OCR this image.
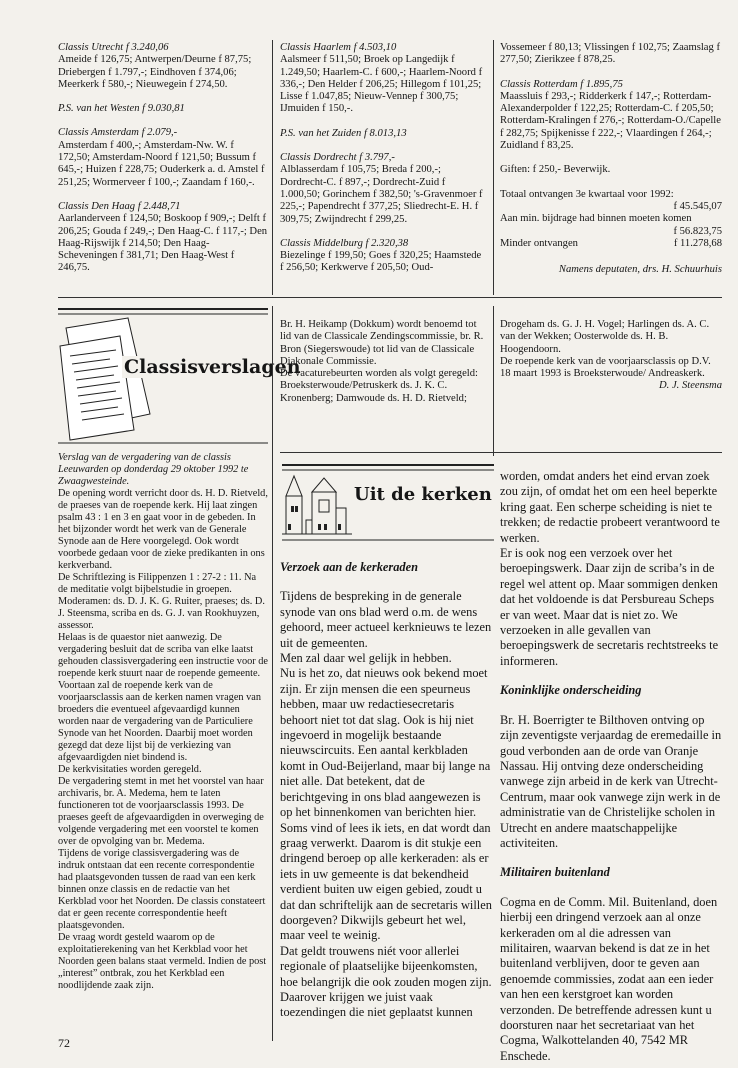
Classis Utrecht f 3.240,06

Ameide f 126,75; Antwerpen/Deurne f 87,75; Driebergen f 1.797,-; Eindhoven f 374,06; Meerkerk f 580,-; Nieuwegein f 274,50.

P.S. van het Westen f 9.030,81

Classis Amsterdam f 2.079,-

Amsterdam f 400,-; Amsterdam-Nw. W. f 172,50; Amsterdam-Noord f 121,50; Bussum f 645,-; Huizen f 228,75; Ouderkerk a. d. Amstel f 251,25; Wormerveer f 100,-; Zaandam f 160,-.

Classis Den Haag f 2.448,71

Aarlanderveen f 124,50; Boskoop f 909,-; Delft f 206,25; Gouda f 249,-; Den Haag-C. f 117,-; Den Haag-Rijswijk f 214,50; Den Haag-Scheveningen f 381,71; Den Haag-West f 246,75.

Classis Haarlem f 4.503,10

Aalsmeer f 511,50; Broek op Langedijk f 1.249,50; Haarlem-C. f 600,-; Haarlem-Noord f 336,-; Den Helder f 206,25; Hillegom f 101,25; Lisse f 1.047,85; Nieuw-Vennep f 300,75; IJmuiden f 150,-.

P.S. van het Zuiden f 8.013,13

Classis Dordrecht f 3.797,-

Alblasserdam f 105,75; Breda f 200,-; Dordrecht-C. f 897,-; Dordrecht-Zuid f 1.000,50; Gorinchem f 382,50; 's-Gravenmoer f 225,-; Papendrecht f 377,25; Sliedrecht-E. H. f 309,75; Zwijndrecht f 299,25.

Classis Middelburg f 2.320,38

Biezelinge f 199,50; Goes f 320,25; Haamstede f 256,50; Kerkwerve f 205,50; Oud-

Vossemeer f 80,13; Vlissingen f 102,75; Zaamslag f 277,50; Zierikzee f 878,25.

Classis Rotterdam f 1.895,75

Maassluis f 293,-; Ridderkerk f 147,-; Rotterdam-Alexanderpolder f 122,25; Rotterdam-C. f 205,50; Rotterdam-Kralingen f 276,-; Rotterdam-O./Capelle f 282,75; Spijkenisse f 222,-; Vlaardingen f 264,-; Zuidland f 83,25.

Giften: f 250,- Beverwijk.

Totaal ontvangen 3e kwartaal voor 1992:

f 45.545,07

Aan min. bijdrage had binnen moeten komen

f 56.823,75

Minder ontvangen	f 11.278,68

Namens deputaten, drs. H. Schuurhuis

Classisverslagen

Br. H. Heikamp (Dokkum) wordt benoemd tot lid van de Classicale Zendingscommissie, br. R. Bron (Siegerswoude) tot lid van de Classicale Diakonale Commissie.

De vacaturebeurten worden als volgt geregeld: Broeksterwoude/Petruskerk ds. J. K. C. Kronenberg; Damwoude ds. H. D. Rietveld;

Drogeham ds. G. J. H. Vogel; Harlingen ds. A. C. van der Wekken; Oosterwolde ds. H. B. Hoogendoorn.

De roepende kerk van de voorjaarsclassis op D.V. 18 maart 1993 is Broeksterwoude/ Andreaskerk.

D. J. Steensma

Verslag van de vergadering van de classis Leeuwarden op donderdag 29 oktober 1992 te Zwaagwesteinde.

De opening wordt verricht door ds. H. D. Rietveld, de praeses van de roepende kerk. Hij laat zingen psalm 43 : 1 en 3 en gaat voor in de gebeden. In het bijzonder wordt het werk van de Generale Synode aan de Here voorgelegd. Ook wordt voorbede gedaan voor de zieke predikanten in ons kerkverband.

De Schriftlezing is Filippenzen 1 : 27-2 : 11. Na de meditatie volgt bijbelstudie in groepen.

Moderamen: ds. D. J. K. G. Ruiter, praeses; ds. D. J. Steensma, scriba en ds. G. J. van Rookhuyzen, assessor.

Helaas is de quaestor niet aanwezig. De vergadering besluit dat de scriba van elke laatst gehouden classisvergadering een instructie voor de roepende kerk stuurt naar de roepende gemeente.

Voortaan zal de roepende kerk van de voorjaarsclassis aan de kerken namen vragen van broeders die eventueel afgevaardigd kunnen worden naar de vergadering van de Particuliere Synode van het Noorden. Daarbij moet worden gezegd dat deze lijst bij de verkiezing van afgevaardigden niet bindend is.

De kerkvisitaties worden geregeld.

De vergadering stemt in met het voorstel van haar archivaris, br. A. Medema, hem te laten functioneren tot de voorjaarsclassis 1993. De praeses geeft de afgevaardigden in overweging de volgende vergadering met een voorstel te komen over de opvolging van br. Medema.

Tijdens de vorige classisvergadering was de indruk ontstaan dat een recente correspondentie had plaatsgevonden tussen de raad van een kerk binnen onze classis en de redactie van het Kerkblad voor het Noorden. De classis constateert dat er geen recente correspondentie heeft plaatsgevonden.

De vraag wordt gesteld waarom op de exploitatierekening van het Kerkblad voor het Noorden geen balans staat vermeld. Indien de post „interest” ontbrak, zou het Kerkblad een noodlijdende zaak zijn.

Uit de kerken

Verzoek aan de kerkeraden

Tijdens de bespreking in de generale synode van ons blad werd o.m. de wens gehoord, meer actueel kerknieuws te lezen uit de gemeenten.

Men zal daar wel gelijk in hebben.

Nu is het zo, dat nieuws ook bekend moet zijn. Er zijn mensen die een speurneus hebben, maar uw redactiesecretaris behoort niet tot dat slag. Ook is hij niet ingevoerd in mogelijk bestaande nieuwscircuits. Een aantal kerkbladen komt in Oud-Beijerland, maar bij lange na niet alle. Dat betekent, dat de berichtgeving in ons blad aangewezen is op het binnenkomen van berichten hier. Soms vind of lees ik iets, en dat wordt dan graag verwerkt. Daarom is dit stukje een dringend beroep op alle kerkeraden: als er iets in uw gemeente is dat bekendheid verdient buiten uw eigen gebied, zoudt u dat dan schriftelijk aan de secretaris willen doorgeven? Dikwijls gebeurt het wel, maar veel te weinig.

Dat geldt trouwens niét voor allerlei regionale of plaatselijke bijeenkomsten, hoe belangrijk die ook zouden mogen zijn. Daarover krijgen we juist vaak toezendingen die niet geplaatst kunnen

worden, omdat anders het eind ervan zoek zou zijn, of omdat het om een heel beperkte kring gaat. Een scherpe scheiding is niet te trekken; de redactie probeert verantwoord te werken.

Er is ook nog een verzoek over het beroepingswerk. Daar zijn de scriba’s in de regel wel attent op. Maar sommigen denken dat het voldoende is dat Persbureau Scheps er van weet. Maar dat is niet zo. We verzoeken in alle gevallen van beroepingswerk de secretaris rechtstreeks te informeren.

Koninklijke onderscheiding

Br. H. Boerrigter te Bilthoven ontving op zijn zeventigste verjaardag de eremedaille in goud verbonden aan de orde van Oranje Nassau. Hij ontving deze onderscheiding vanwege zijn arbeid in de kerk van Utrecht-Centrum, maar ook vanwege zijn werk in de administratie van de Christelijke scholen in Utrecht en andere maatschappelijke activiteiten.

Militairen buitenland

Cogma en de Comm. Mil. Buitenland, doen hierbij een dringend verzoek aan al onze kerkeraden om al die adressen van militairen, waarvan bekend is dat ze in het buitenland verblijven, door te geven aan genoemde commissies, zodat aan een ieder van hen een kerstgroet kan worden verzonden. De betreffende adressen kunt u doorsturen naar het secretariaat van het Cogma, Walkottelanden 40, 7542 MR Enschede.

72
